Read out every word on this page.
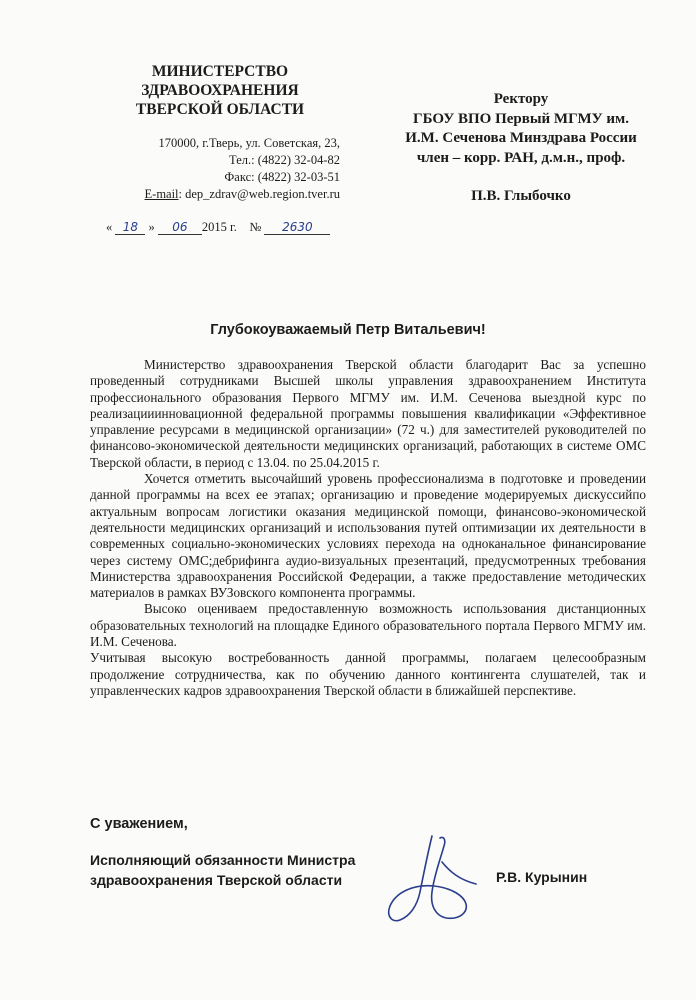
МИНИСТЕРСТВО
ЗДРАВООХРАНЕНИЯ
ТВЕРСКОЙ ОБЛАСТИ
170000, г.Тверь, ул. Советская, 23,
Тел.: (4822) 32-04-82
Факс: (4822) 32-03-51
E-mail: dep_zdrav@web.region.tver.ru
« 18 » 06 2015 г. № 2630
Ректору
ГБОУ ВПО Первый МГМУ им.
И.М. Сеченова Минздрава России
член – корр. РАН, д.м.н., проф.
П.В. Глыбочко
Глубокоуважаемый Петр Витальевич!

Министерство здравоохранения Тверской области благодарит Вас за успешно проведенный сотрудниками Высшей школы управления здравоохранением Института профессионального образования Первого МГМУ им. И.М. Сеченова выездной курс по реализацииинновационной федеральной программы повышения квалификации «Эффективное управление ресурсами в медицинской организации» (72 ч.) для заместителей руководителей по финансово-экономической деятельности медицинских организаций, работающих в системе ОМС Тверской области, в период с 13.04. по 25.04.2015 г.

Хочется отметить высочайший уровень профессионализма в подготовке и проведении данной программы на всех ее этапах; организацию и проведение модерируемых дискуссийпо актуальным вопросам логистики оказания медицинской помощи, финансово-экономической деятельности медицинских организаций и использования путей оптимизации их деятельности в современных социально-экономических условиях перехода на одноканальное финансирование через систему ОМС;дебрифинга аудио-визуальных презентаций, предусмотренных требования Министерства здравоохранения Российской Федерации, а также предоставление методических материалов в рамках ВУЗовского компонента программы.

Высоко оцениваем предоставленную возможность использования дистанционных образовательных технологий на площадке Единого образовательного портала Первого МГМУ им. И.М. Сеченова.

Учитывая высокую востребованность данной программы, полагаем целесообразным продолжение сотрудничества, как по обучению данного контингента слушателей, так и управленческих кадров здравоохранения Тверской области в ближайшей перспективе.

С уважением,
Исполняющий обязанности Министра
здравоохранения Тверской области	Р.В. Курынин
